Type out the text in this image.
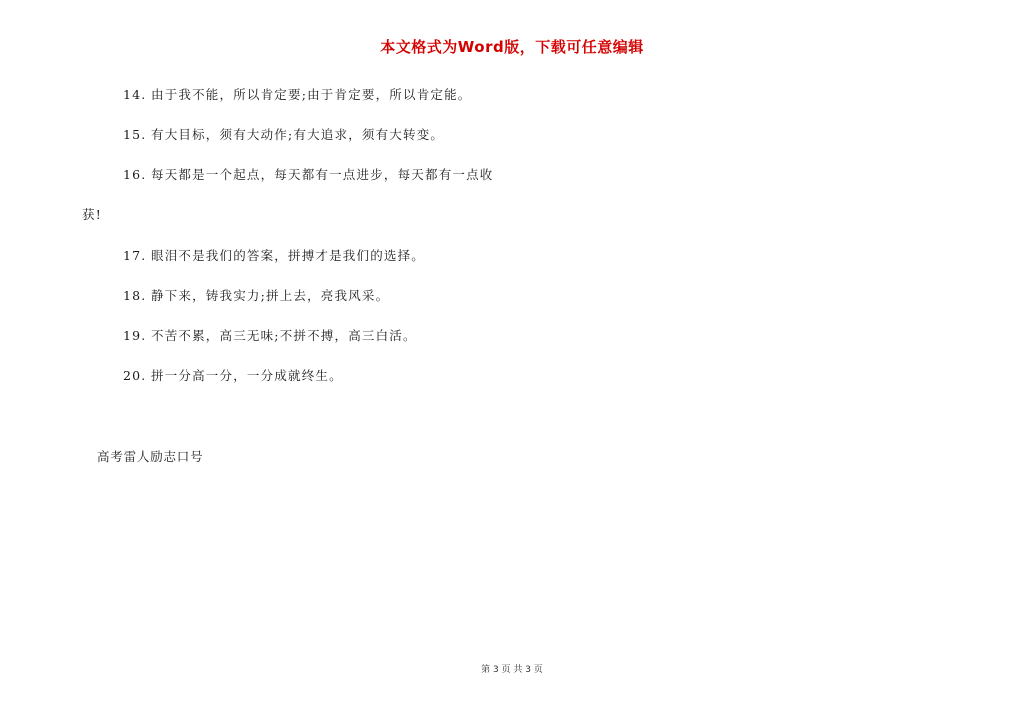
本文格式为Word版，下载可任意编辑
14. 由于我不能，所以肯定要;由于肯定要，所以肯定能。
15. 有大目标，须有大动作;有大追求，须有大转变。
16. 每天都是一个起点，每天都有一点进步，每天都有一点收
获!
17. 眼泪不是我们的答案，拼搏才是我们的选择。
18. 静下来，铸我实力;拼上去，亮我风采。
19. 不苦不累，高三无味;不拼不搏，高三白活。
20. 拼一分高一分，一分成就终生。
高考雷人励志口号
第 3 页 共 3 页
